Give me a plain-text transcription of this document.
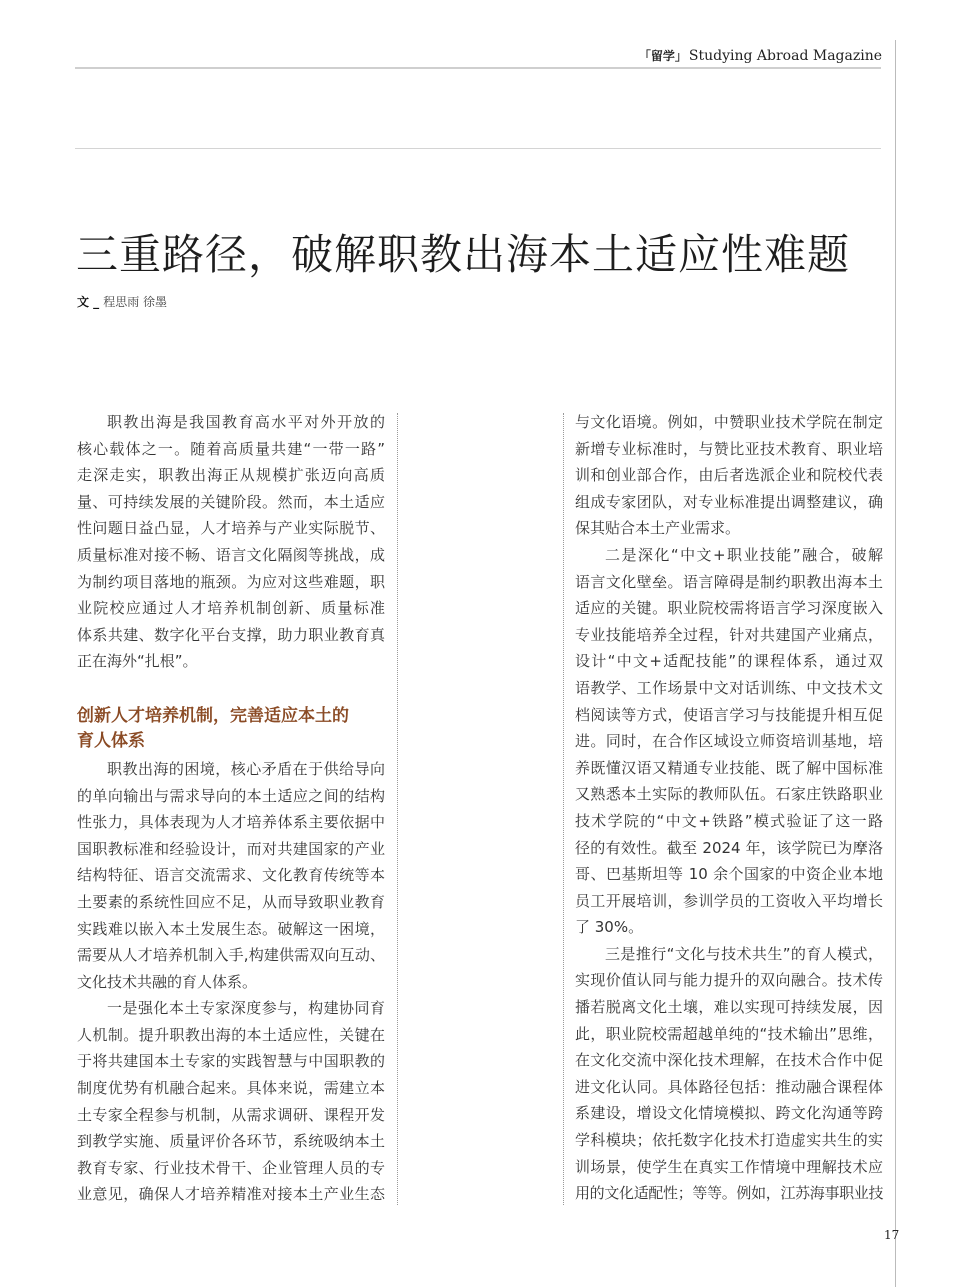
「留学」 Studying Abroad Magazine
三重路径，破解职教出海本土适应性难题
文 _ 程思雨 徐墨
职教出海是我国教育高水平对外开放的
核心载体之一。随着高质量共建“一带一路”
走深走实，职教出海正从规模扩张迈向高质
量、可持续发展的关键阶段。然而，本土适应
性问题日益凸显，人才培养与产业实际脱节、
质量标准对接不畅、语言文化隔阂等挑战，成
为制约项目落地的瓶颈。为应对这些难题，职
业院校应通过人才培养机制创新、质量标准
体系共建、数字化平台支撑，助力职业教育真
正在海外“扎根”。
创新人才培养机制，完善适应本土的
育人体系
职教出海的困境，核心矛盾在于供给导向
的单向输出与需求导向的本土适应之间的结构
性张力，具体表现为人才培养体系主要依据中
国职教标准和经验设计，而对共建国家的产业
结构特征、语言交流需求、文化教育传统等本
土要素的系统性回应不足，从而导致职业教育
实践难以嵌入本土发展生态。破解这一困境，
需要从人才培养机制入手,构建供需双向互动、
文化技术共融的育人体系。
一是强化本土专家深度参与，构建协同育
人机制。提升职教出海的本土适应性，关键在
于将共建国本土专家的实践智慧与中国职教的
制度优势有机融合起来。具体来说，需建立本
土专家全程参与机制，从需求调研、课程开发
到教学实施、质量评价各环节，系统吸纳本土
教育专家、行业技术骨干、企业管理人员的专
业意见，确保人才培养精准对接本土产业生态
与文化语境。例如，中赞职业技术学院在制定
新增专业标准时，与赞比亚技术教育、职业培
训和创业部合作，由后者选派企业和院校代表
组成专家团队，对专业标准提出调整建议，确
保其贴合本土产业需求。
二是深化“中文+职业技能”融合，破解
语言文化壁垒。语言障碍是制约职教出海本土
适应的关键。职业院校需将语言学习深度嵌入
专业技能培养全过程，针对共建国产业痛点，
设计“中文+适配技能”的课程体系，通过双
语教学、工作场景中文对话训练、中文技术文
档阅读等方式，使语言学习与技能提升相互促
进。同时，在合作区域设立师资培训基地，培
养既懂汉语又精通专业技能、既了解中国标准
又熟悉本土实际的教师队伍。石家庄铁路职业
技术学院的“中文+铁路”模式验证了这一路
径的有效性。截至 2024 年，该学院已为摩洛
哥、巴基斯坦等 10 余个国家的中资企业本地
员工开展培训，参训学员的工资收入平均增长
了 30%。
三是推行“文化与技术共生”的育人模式，
实现价值认同与能力提升的双向融合。技术传
播若脱离文化土壤，难以实现可持续发展，因
此，职业院校需超越单纯的“技术输出”思维，
在文化交流中深化技术理解，在技术合作中促
进文化认同。具体路径包括：推动融合课程体
系建设，增设文化情境模拟、跨文化沟通等跨
学科模块；依托数字化技术打造虚实共生的实
训场景，使学生在真实工作情境中理解技术应
用的文化适配性；等等。例如，江苏海事职业技
17
